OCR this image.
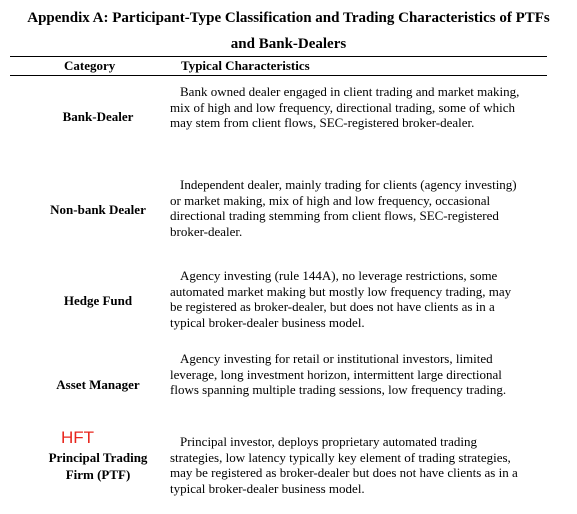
Appendix A: Participant-Type Classification and Trading Characteristics of PTFs
and Bank-Dealers
Category	Typical Characteristics
Bank-Dealer
Bank owned dealer engaged in client trading and market making, mix of high and low frequency, directional trading, some of which may stem from client flows, SEC-registered broker-dealer.
Non-bank Dealer
Independent dealer, mainly trading for clients (agency investing) or market making, mix of high and low frequency, occasional directional trading stemming from client flows, SEC-registered broker-dealer.
Hedge Fund
Agency investing (rule 144A), no leverage restrictions, some automated market making but mostly low frequency trading, may be registered as broker-dealer, but does not have clients as in a typical broker-dealer business model.
Asset Manager
Agency investing for retail or institutional investors, limited leverage, long investment horizon, intermittent large directional flows spanning multiple trading sessions, low frequency trading.
HFT
Principal Trading Firm (PTF)
Principal investor, deploys proprietary automated trading strategies, low latency typically key element of trading strategies, may be registered as broker-dealer but does not have clients as in a typical broker-dealer business model.
